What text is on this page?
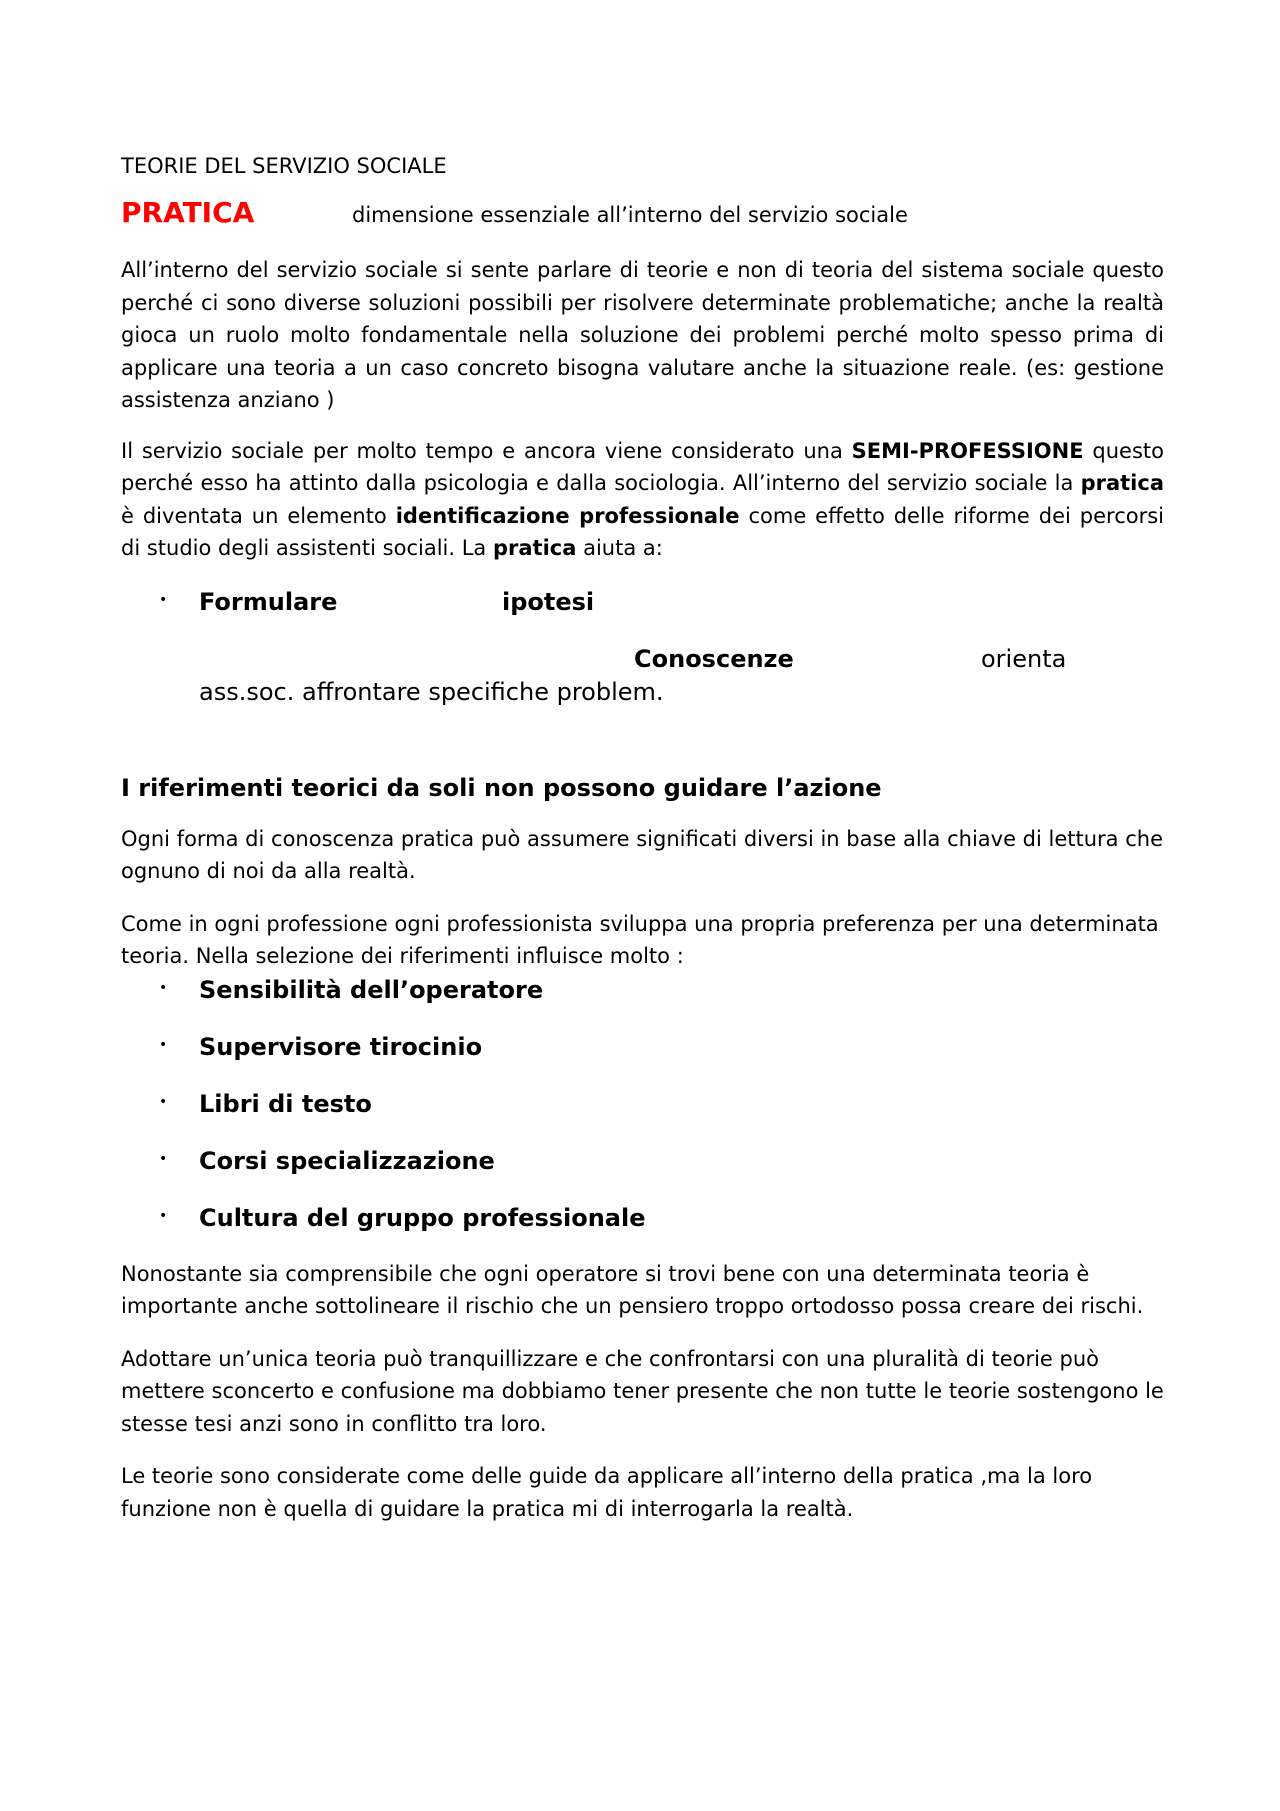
TEORIE DEL SERVIZIO SOCIALE

PRATICA	dimensione essenziale all’interno del servizio sociale

All’interno del servizio sociale si sente parlare di teorie e non di teoria del sistema sociale questo perché ci sono diverse soluzioni possibili per risolvere determinate problematiche; anche la realtà gioca un ruolo molto fondamentale nella soluzione dei problemi perché molto spesso prima di applicare una teoria a un caso concreto bisogna valutare anche la situazione reale. (es: gestione assistenza anziano )

Il servizio sociale per molto tempo e ancora viene considerato una SEMI-PROFESSIONE questo perché esso ha attinto dalla psicologia e dalla sociologia. All’interno del servizio sociale la pratica è diventata un elemento identificazione professionale come effetto delle riforme dei percorsi di studio degli assistenti sociali. La pratica aiuta a:

• Formulare	ipotesi
Conoscenze	orienta
ass.soc. affrontare specifiche problem.
I riferimenti teorici da soli non possono guidare l’azione

Ogni forma di conoscenza pratica può assumere significati diversi in base alla chiave di lettura che ognuno di noi da alla realtà.

Come in ogni professione ogni professionista sviluppa una propria preferenza per una determinata teoria. Nella selezione dei riferimenti influisce molto :

• Sensibilità dell’operatore
• Supervisore tirocinio
• Libri di testo
• Corsi specializzazione
• Cultura del gruppo professionale

Nonostante sia comprensibile che ogni operatore si trovi bene con una determinata teoria è importante anche sottolineare il rischio che un pensiero troppo ortodosso possa creare dei rischi.

Adottare un’unica teoria può tranquillizzare e che confrontarsi con una pluralità di teorie può mettere sconcerto e confusione ma dobbiamo tener presente che non tutte le teorie sostengono le stesse tesi anzi sono in conflitto tra loro.

Le teorie sono considerate come delle guide da applicare all’interno della pratica ,ma la loro funzione non è quella di guidare la pratica mi di interrogarla la realtà.
